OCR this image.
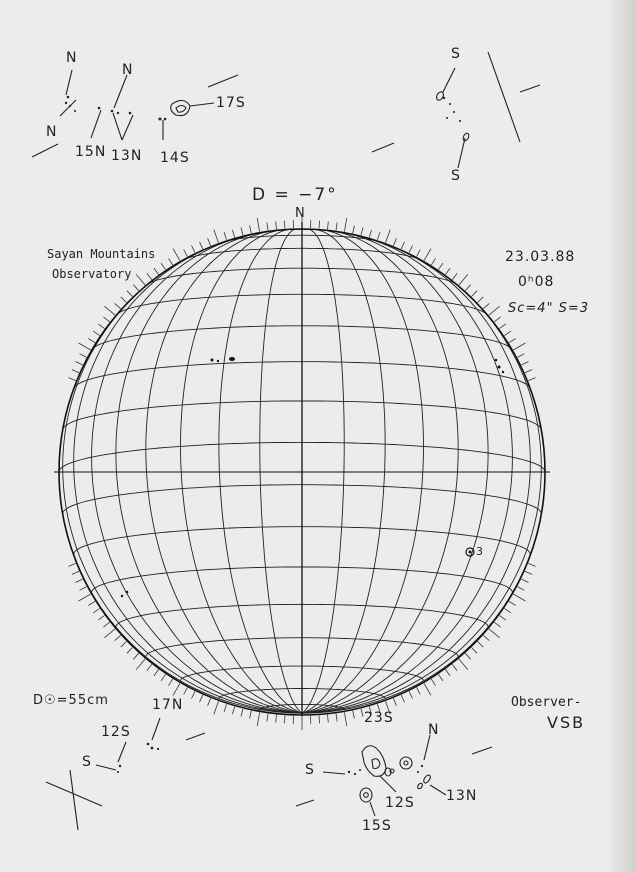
D = −7°
N
Sayan Mountains
Observatory
23.03.88
0ʰ08
Sc=4" S=3
D☉=55cm	Observer-
VSB
N
N
N
15N 13N 14S
17S
S
S
12S
17N
S
23S
12S
15S
13N
S
N
3
